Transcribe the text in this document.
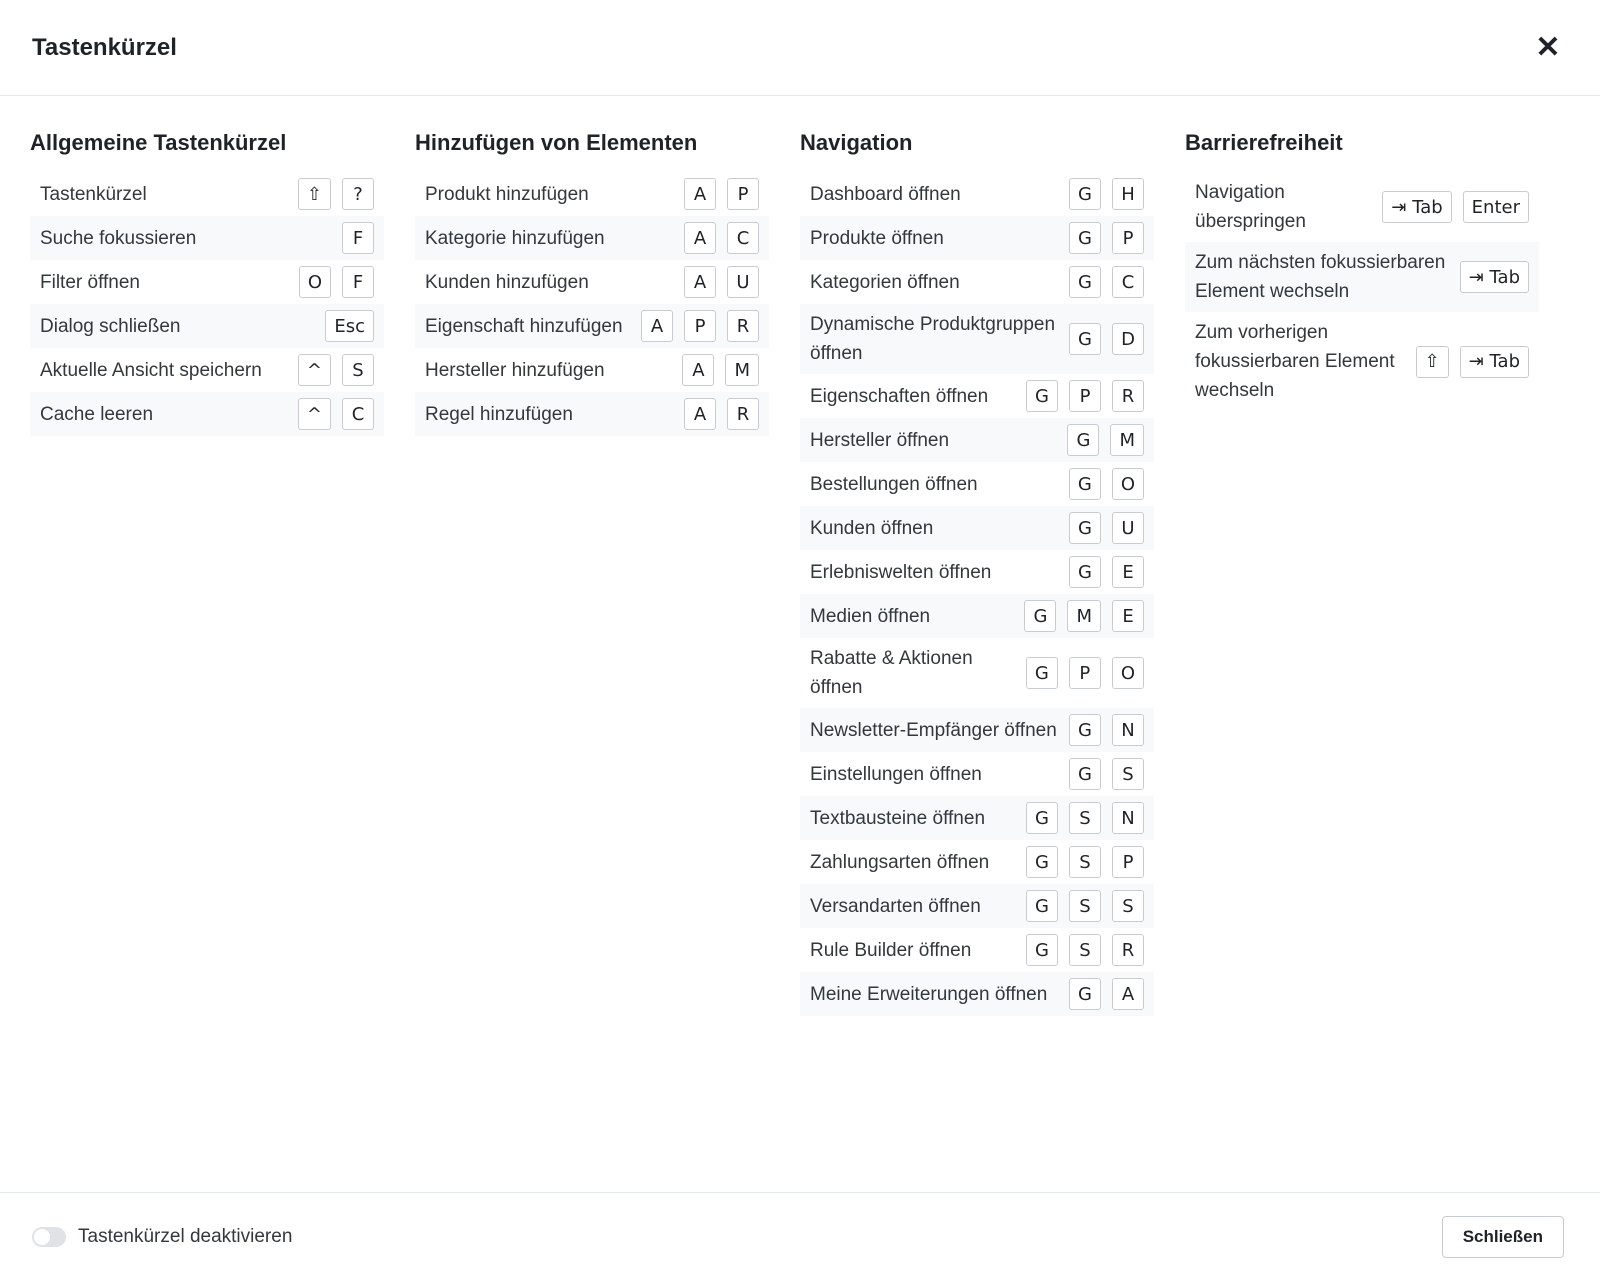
Tastenkürzel	✕
Allgemeine Tastenkürzel
Tastenkürzel	⇧	?
Suche fokussieren	F
Filter öffnen	O	F
Dialog schließen	Esc
Aktuelle Ansicht speichern	^	S
Cache leeren	^	C
Hinzufügen von Elementen
Produkt hinzufügen	A	P
Kategorie hinzufügen	A	C
Kunden hinzufügen	A	U
Eigenschaft hinzufügen	A	P	R
Hersteller hinzufügen	A	M
Regel hinzufügen	A	R
Navigation
Dashboard öffnen	G	H
Produkte öffnen	G	P
Kategorien öffnen	G	C
Dynamische Produktgruppen öffnen
G	D
Eigenschaften öffnen	G	P	R
Hersteller öffnen	G	M
Bestellungen öffnen	G	O
Kunden öffnen	G	U
Erlebniswelten öffnen	G	E
Medien öffnen	G	M	E
Rabatte & Aktionen öffnen
G	P	O
Newsletter-Empfänger öffnen	G	N
Einstellungen öffnen	G	S
Textbausteine öffnen	G	S	N
Zahlungsarten öffnen	G	S	P
Versandarten öffnen	G	S	S
Rule Builder öffnen	G	S	R
Meine Erweiterungen öffnen	G	A
Barrierefreiheit
Navigation überspringen
⇥ Tab	Enter
Zum nächsten fokussierbaren Element wechseln
⇥ Tab
Zum vorherigen fokussierbaren Element wechseln
⇧	⇥ Tab
Tastenkürzel deaktivieren	Schließen
